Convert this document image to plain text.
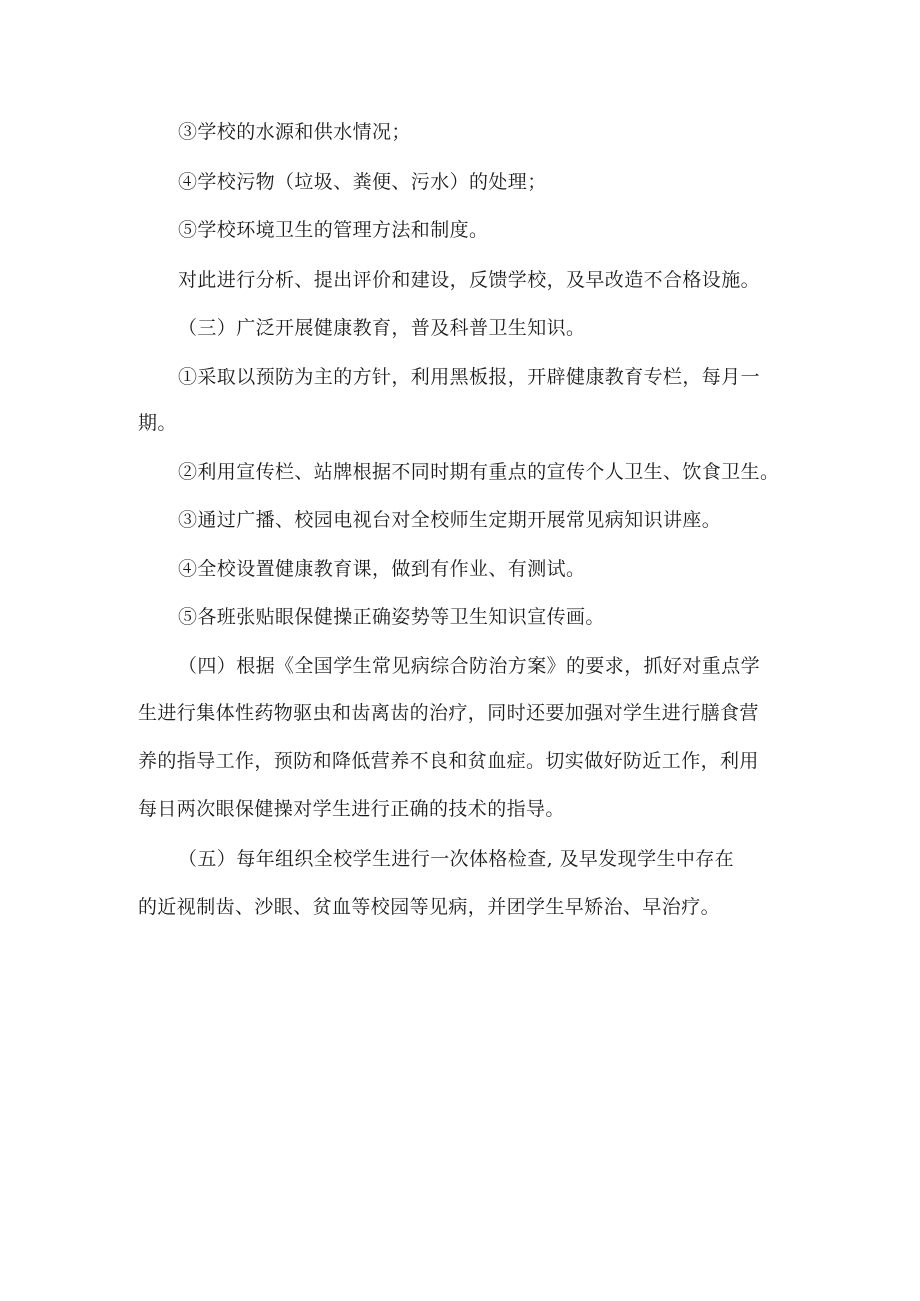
③学校的水源和供水情况；
④学校污物（垃圾、粪便、污水）的处理；
⑤学校环境卫生的管理方法和制度。
对此进行分析、提出评价和建设，反馈学校，及早改造不合格设施。
（三）广泛开展健康教育，普及科普卫生知识。
①采取以预防为主的方针，利用黑板报，开辟健康教育专栏，每月一
期。
②利用宣传栏、站牌根据不同时期有重点的宣传个人卫生、饮食卫生。
③通过广播、校园电视台对全校师生定期开展常见病知识讲座。
④全校设置健康教育课，做到有作业、有测试。
⑤各班张贴眼保健操正确姿势等卫生知识宣传画。
（四）根据《全国学生常见病综合防治方案》的要求，抓好对重点学
生进行集体性药物驱虫和齿离齿的治疗，同时还要加强对学生进行膳食营
养的指导工作，预防和降低营养不良和贫血症。切实做好防近工作，利用
每日两次眼保健操对学生进行正确的技术的指导。
（五）每年组织全校学生进行一次体格检查, 及早发现学生中存在
的近视制齿、沙眼、贫血等校园等见病，并团学生早矫治、早治疗。
